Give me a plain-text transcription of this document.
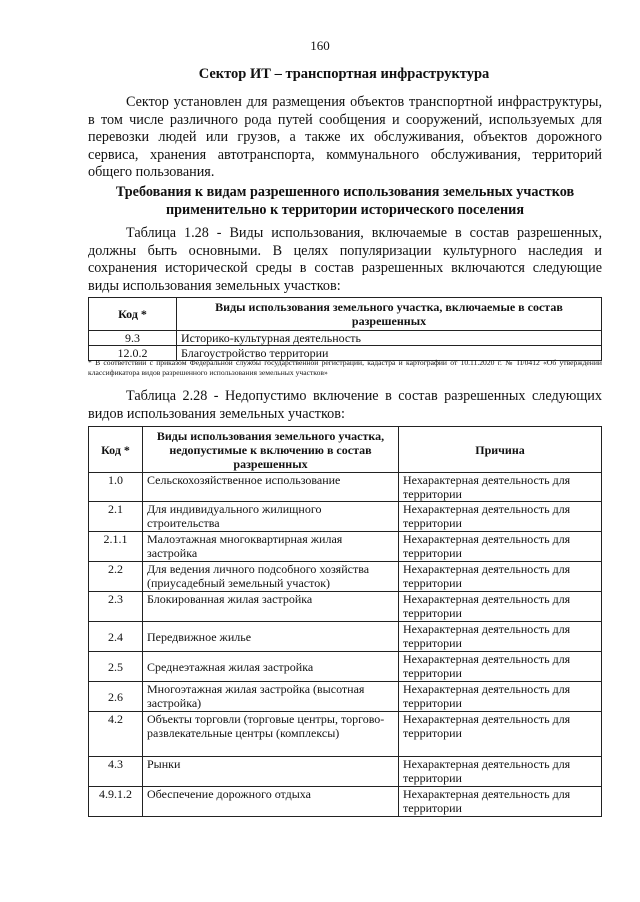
160
Сектор ИТ – транспортная инфраструктура
Сектор установлен для размещения объектов транспортной инфраструктуры, в том числе различного рода путей сообщения и сооружений, используемых для перевозки людей или грузов, а также их обслуживания, объектов дорожного сервиса, хранения автотранспорта, коммунального обслуживания, территорий общего пользования.
Требования к видам разрешенного использования земельных участков применительно к территории исторического поселения
Таблица 1.28 - Виды использования, включаемые в состав разрешенных, должны быть основными. В целях популяризации культурного наследия и сохранения исторической среды в состав разрешенных включаются следующие виды использования земельных участков:
Код *	Виды использования земельного участка, включаемые в состав разрешенных
9.3	Историко-культурная деятельность
12.0.2	Благоустройство территории
* В соответствии с приказом Федеральной службы государственной регистрации, кадастра и картографии от 10.11.2020 г. № П/0412 «Об утверждении классификатора видов разрешенного использования земельных участков»
Таблица 2.28 - Недопустимо включение в состав разрешенных следующих видов использования земельных участков:
Код *	Виды использования земельного участка, недопустимые к включению в состав разрешенных	Причина
1.0	Сельскохозяйственное использование	Нехарактерная деятельность для территории
2.1	Для индивидуального жилищного строительства	Нехарактерная деятельность для территории
2.1.1	Малоэтажная многоквартирная жилая застройка	Нехарактерная деятельность для территории
2.2	Для ведения личного подсобного хозяйства (приусадебный земельный участок)	Нехарактерная деятельность для территории
2.3	Блокированная жилая застройка	Нехарактерная деятельность для территории
2.4	Передвижное жилье	Нехарактерная деятельность для территории
2.5	Среднеэтажная жилая застройка	Нехарактерная деятельность для территории
2.6	Многоэтажная жилая застройка (высотная застройка)	Нехарактерная деятельность для территории
4.2	Объекты торговли (торговые центры, торгово-развлекательные центры (комплексы)	Нехарактерная деятельность для территории
4.3	Рынки	Нехарактерная деятельность для территории
4.9.1.2	Обеспечение дорожного отдыха	Нехарактерная деятельность для территории
